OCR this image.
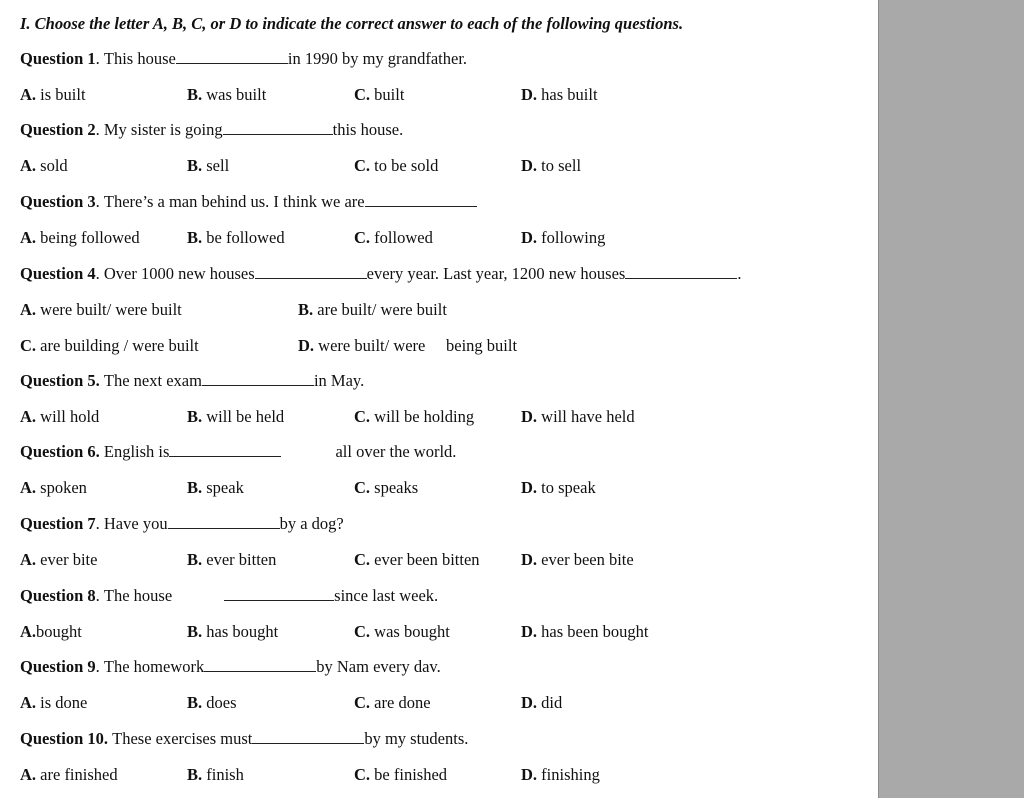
I. Choose the letter A, B, C, or D to indicate the correct answer to each of the following questions.
Question 1. This house	in 1990 by my grandfather.
A. is built	B. was built	C. built	D. has built
Question 2. My sister is going	this house.
A. sold	B. sell	C. to be sold	D. to sell
Question 3. There’s a man behind us. I think we are
A. being followed	B. be followed	C. followed	D. following
Question 4. Over 1000 new houses	every year. Last year, 1200 new houses	.
A. were built/ were built	B. are built/ were built
C. are building / were built	D. were built/ were     being built
Question 5. The next exam	in May.
A. will hold	B. will be held	C. will be holding	D. will have held
Question 6. English is	all over the world.
A. spoken	B. speak	C. speaks	D. to speak
Question 7. Have you	by a dog?
A. ever bite	B. ever bitten	C. ever been bitten	D. ever been bite
Question 8. The house	since last week.
A.bought	B. has bought	C. was bought	D. has been bought
Question 9. The homework	by Nam every dav.
A. is done	B. does	C. are done	D. did
Question 10. These exercises must	by my students.
A. are finished	B. finish	C. be finished	D. finishing
